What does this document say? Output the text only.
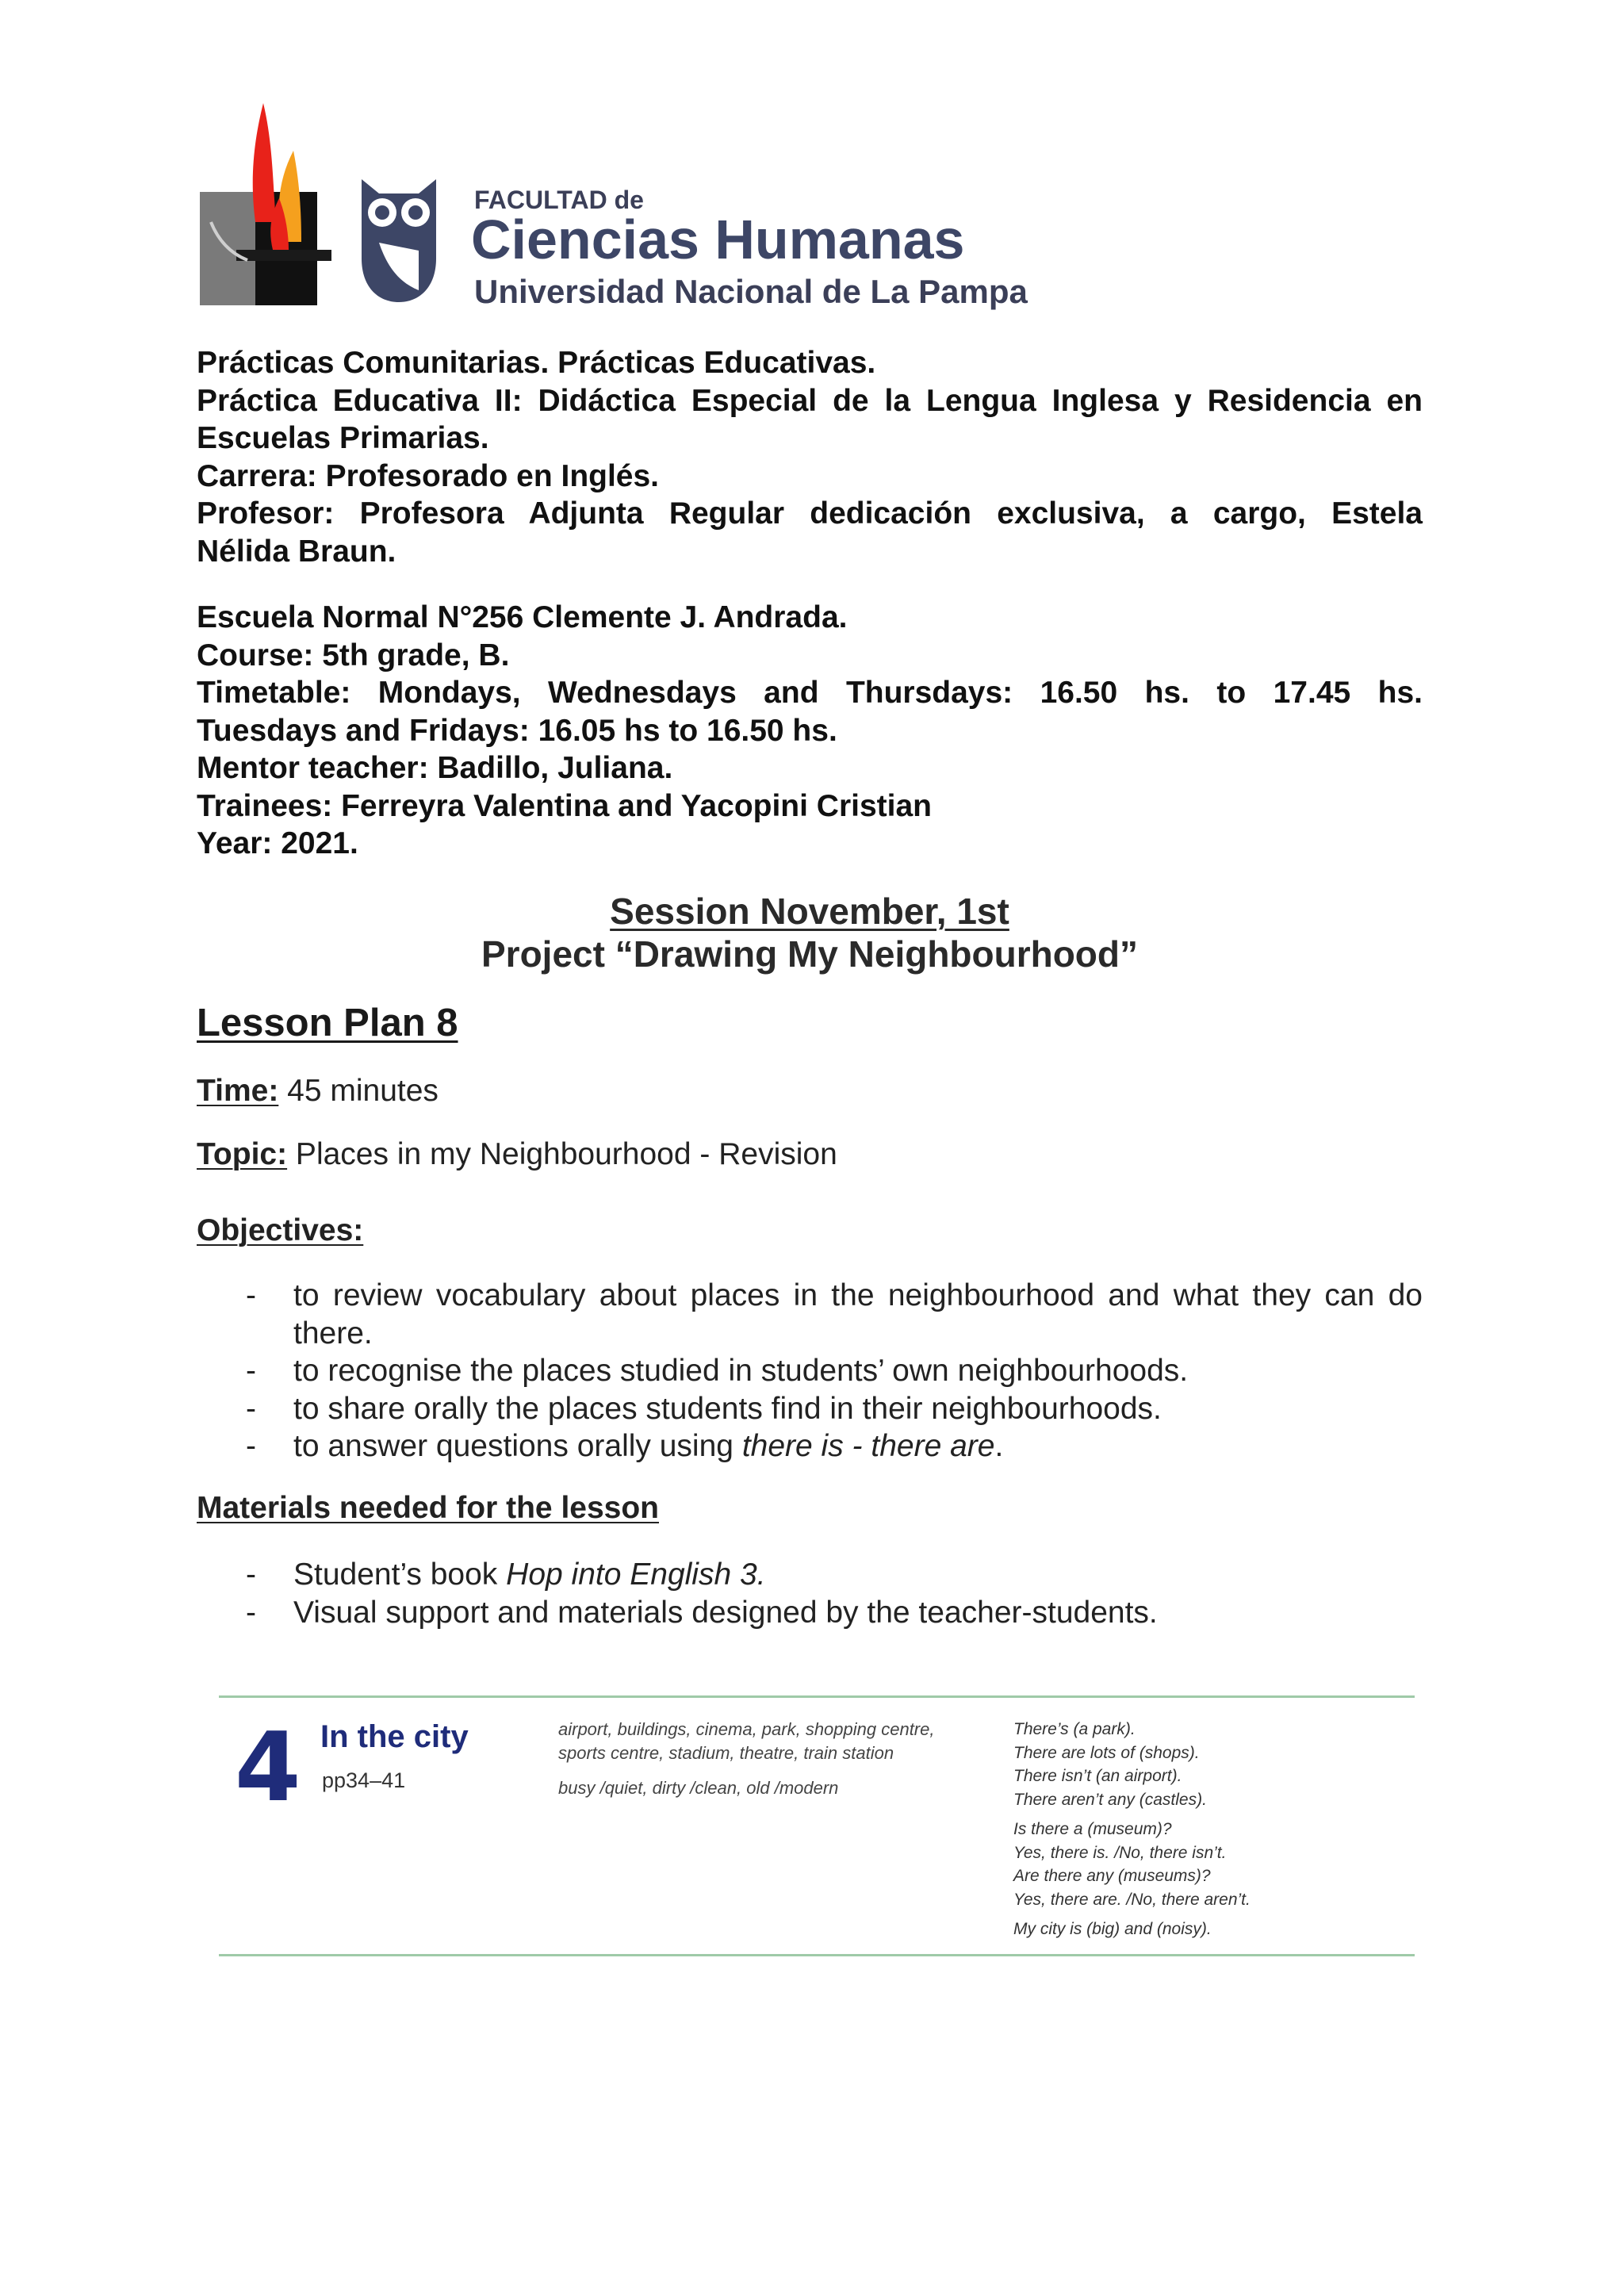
FACULTAD de
Ciencias Humanas
Universidad Nacional de La Pampa
Prácticas Comunitarias. Prácticas Educativas.
Práctica Educativa II: Didáctica Especial de la Lengua Inglesa y Residencia en
Escuelas Primarias.
Carrera: Profesorado en Inglés.
Profesor: Profesora Adjunta Regular dedicación exclusiva, a cargo, Estela
Nélida Braun.
Escuela Normal N°256 Clemente J. Andrada.
Course: 5th grade, B.
Timetable: Mondays, Wednesdays and Thursdays: 16.50 hs. to 17.45 hs.
Tuesdays and Fridays: 16.05 hs to 16.50 hs.
Mentor teacher: Badillo, Juliana.
Trainees: Ferreyra Valentina and Yacopini Cristian
Year: 2021.
Session November, 1st
Project “Drawing My Neighbourhood”
Lesson Plan 8
Time: 45 minutes
Topic: Places in my Neighbourhood - Revision
Objectives:
-	to review vocabulary about places in the neighbourhood and what they can do there.
-	to recognise the places studied in students’ own neighbourhoods.
-	to share orally the places students find in their neighbourhoods.
-	to answer questions orally using there is - there are.
Materials needed for the lesson
-	Student’s book Hop into English 3.
-	Visual support and materials designed by the teacher-students.
4 In the city
pp34–41
airport, buildings, cinema, park, shopping centre,
sports centre, stadium, theatre, train station
busy /quiet, dirty /clean, old /modern
There’s (a park).
There are lots of (shops).
There isn’t (an airport).
There aren’t any (castles).
Is there a (museum)?
Yes, there is. /No, there isn’t.
Are there any (museums)?
Yes, there are. /No, there aren’t.
My city is (big) and (noisy).
